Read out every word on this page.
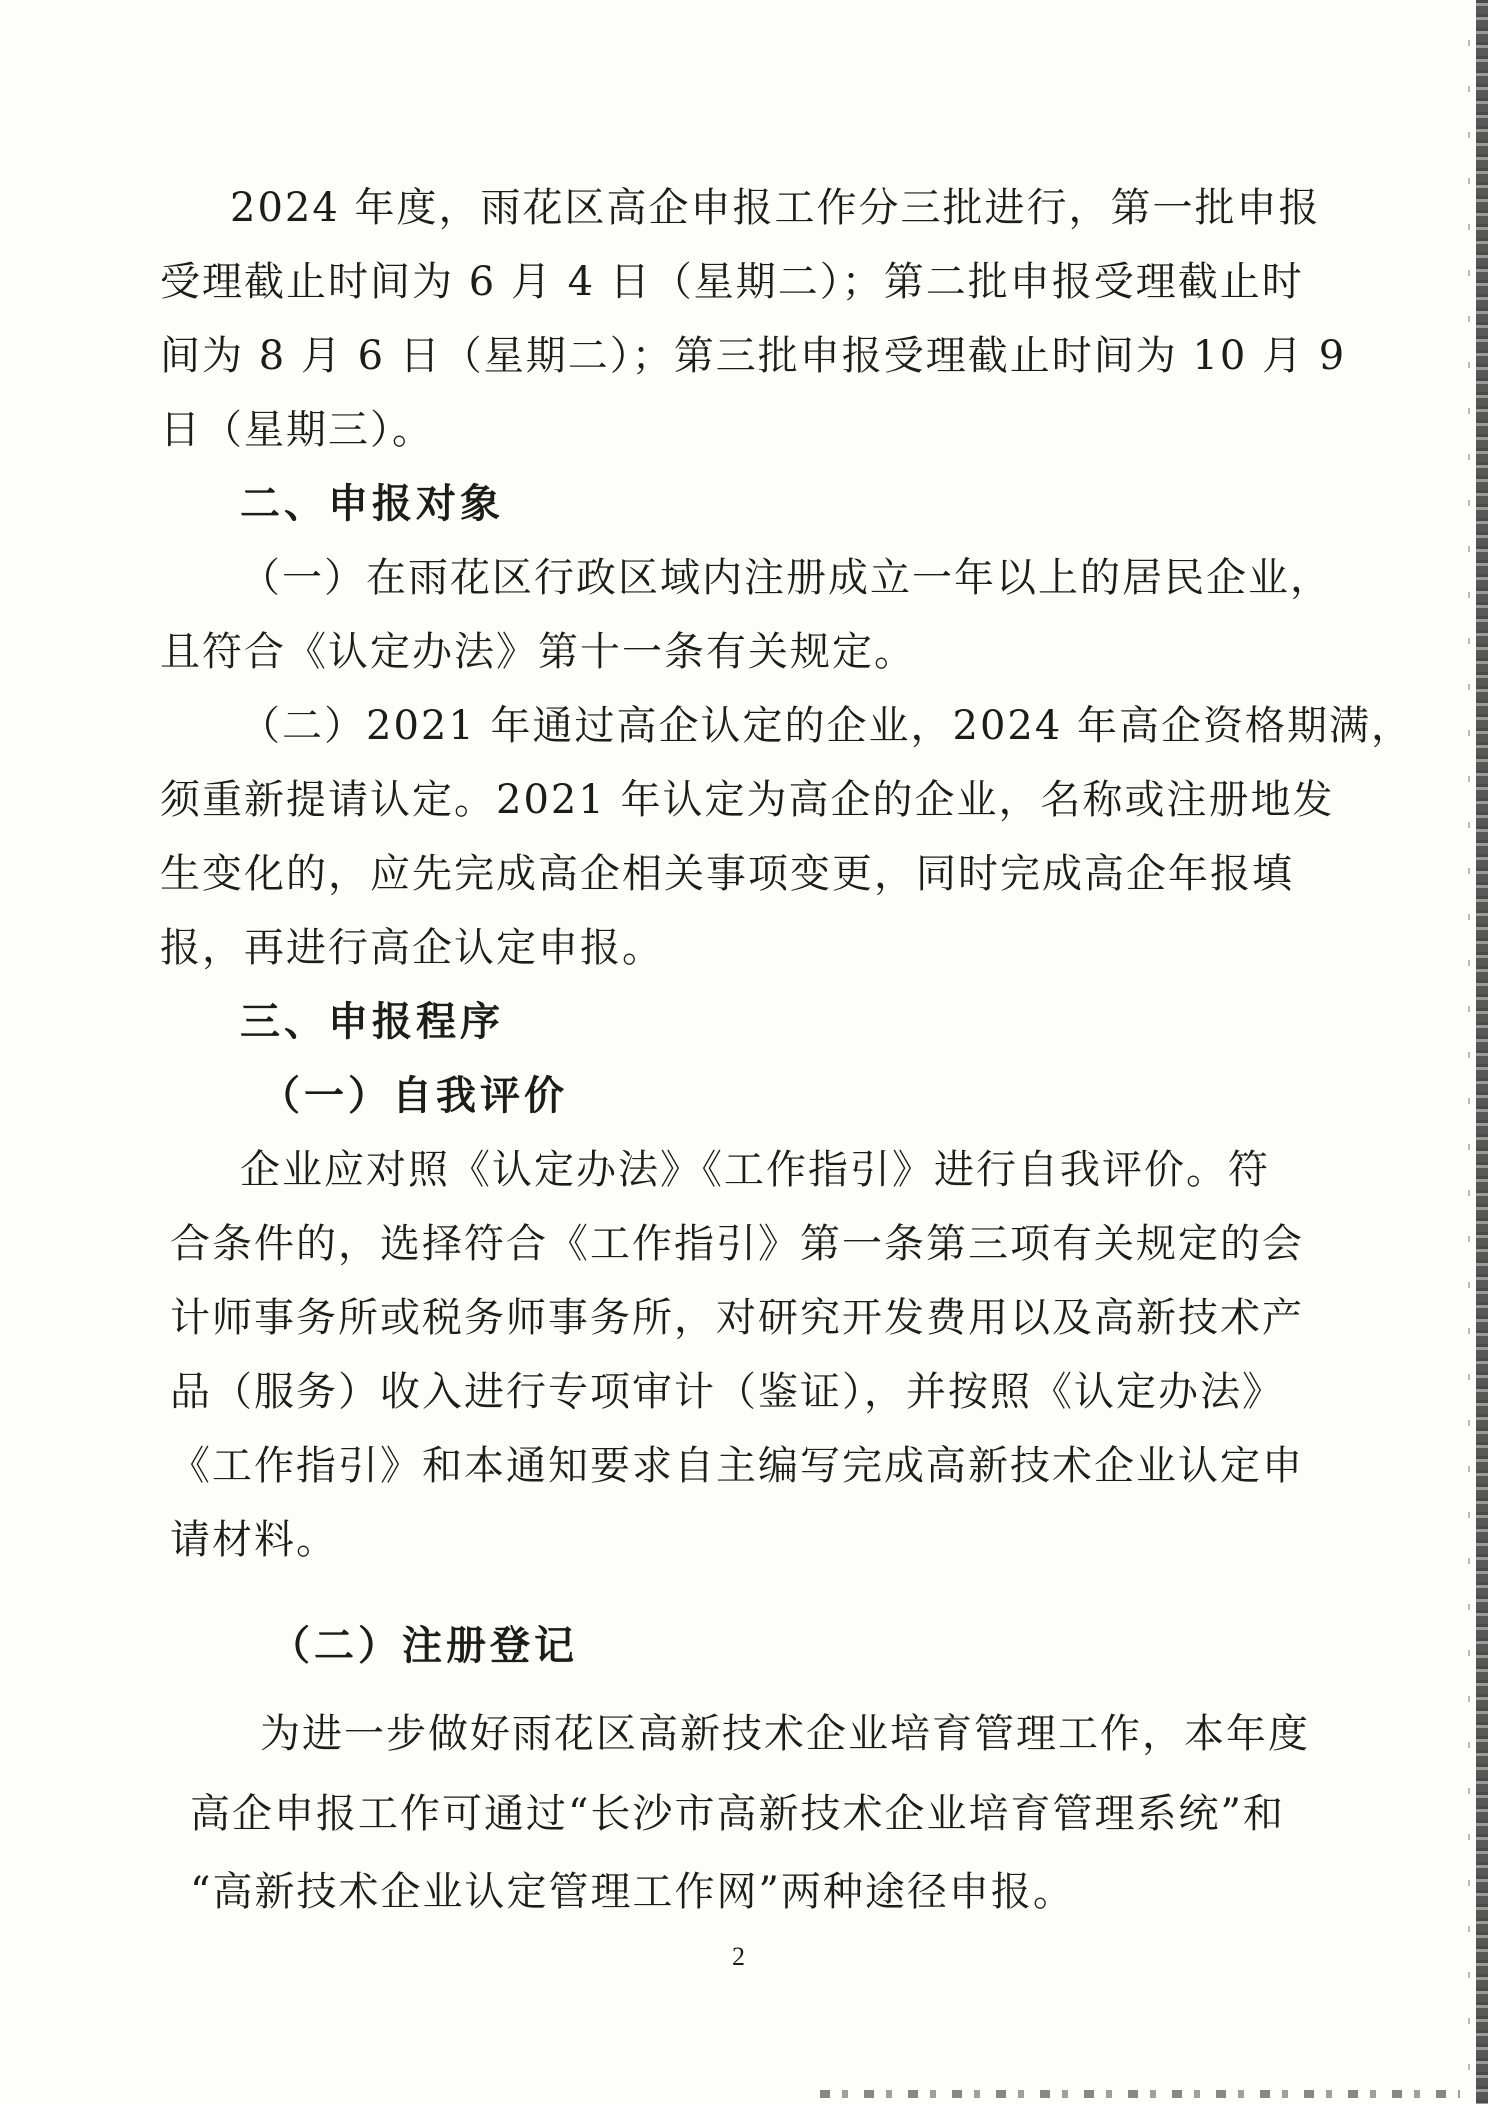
2024 年度，雨花区高企申报工作分三批进行，第一批申报
受理截止时间为 6 月 4 日（星期二）；第二批申报受理截止时
间为 8 月 6 日（星期二）；第三批申报受理截止时间为 10 月 9
日（星期三）。
二、申报对象
（一）在雨花区行政区域内注册成立一年以上的居民企业，
且符合《认定办法》第十一条有关规定。
（二）2021 年通过高企认定的企业，2024 年高企资格期满，
须重新提请认定。2021 年认定为高企的企业，名称或注册地发
生变化的，应先完成高企相关事项变更，同时完成高企年报填
报，再进行高企认定申报。
三、申报程序
（一）自我评价
企业应对照《认定办法》《工作指引》进行自我评价。符
合条件的，选择符合《工作指引》第一条第三项有关规定的会
计师事务所或税务师事务所，对研究开发费用以及高新技术产
品（服务）收入进行专项审计（鉴证），并按照《认定办法》
《工作指引》和本通知要求自主编写完成高新技术企业认定申
请材料。
（二）注册登记
为进一步做好雨花区高新技术企业培育管理工作，本年度
高企申报工作可通过“长沙市高新技术企业培育管理系统”和
“高新技术企业认定管理工作网”两种途径申报。
2
